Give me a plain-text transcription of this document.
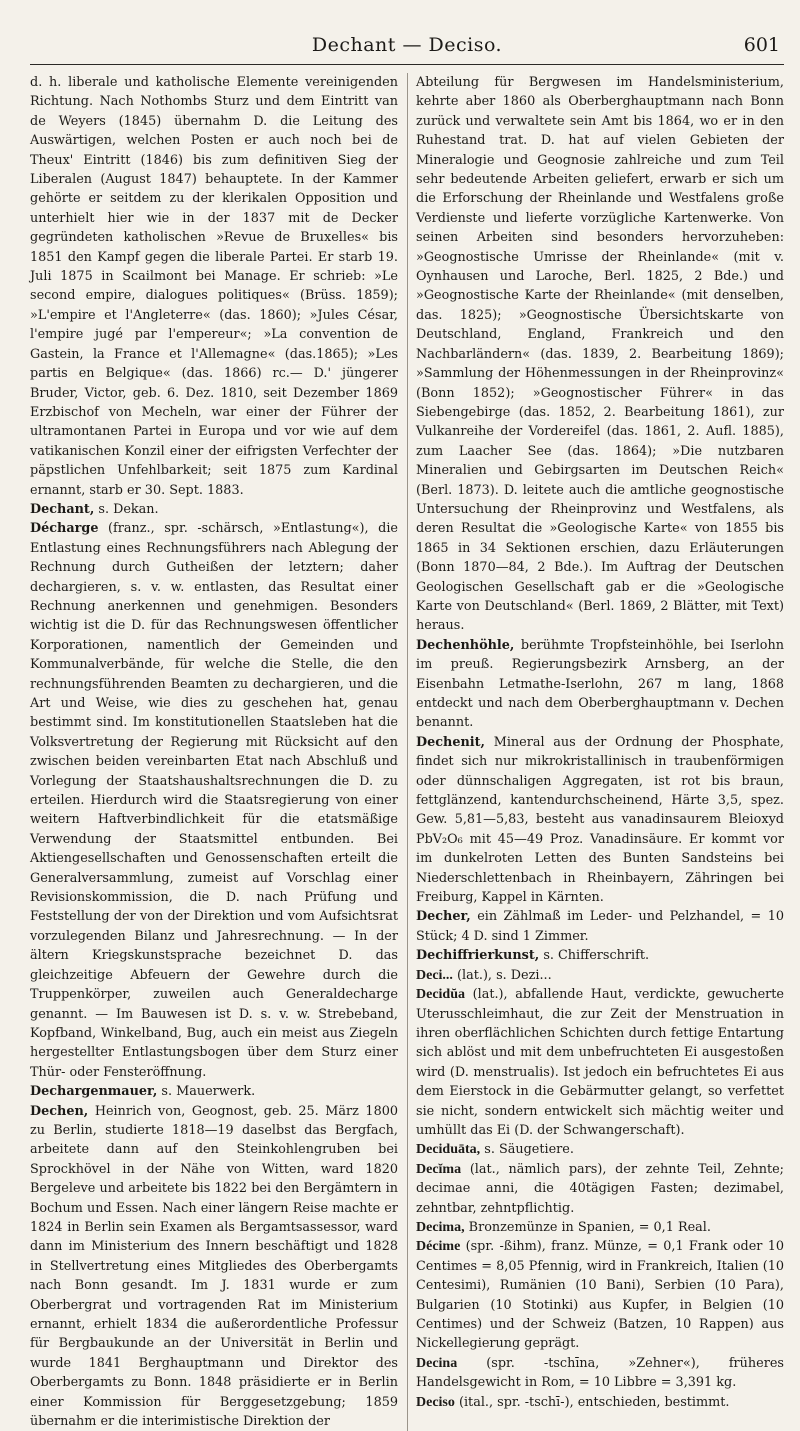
Dechant — Deciso.	601

d. h. liberale und katholische Elemente vereinigenden Richtung. Nach Nothombs Sturz und dem Eintritt van de Weyers (1845) übernahm D. die Leitung des Auswärtigen, welchen Posten er auch noch bei de Theux' Eintritt (1846) bis zum definitiven Sieg der Liberalen (August 1847) behauptete. In der Kammer gehörte er seitdem zu der klerikalen Opposition und unterhielt hier wie in der 1837 mit de Decker gegründeten katholischen »Revue de Bruxelles« bis 1851 den Kampf gegen die liberale Partei. Er starb 19. Juli 1875 in Scailmont bei Manage. Er schrieb: »Le second empire, dialogues politiques« (Brüss. 1859); »L'empire et l'Angleterre« (das. 1860); »Jules César, l'empire jugé par l'empereur«; »La convention de Gastein, la France et l'Allemagne« (das.1865); »Les partis en Belgique« (das. 1866) rc.— D.' jüngerer Bruder, Victor, geb. 6. Dez. 1810, seit Dezember 1869 Erzbischof von Mecheln, war einer der Führer der ultramontanen Partei in Europa und vor wie auf dem vatikanischen Konzil einer der eifrigsten Verfechter der päpstlichen Unfehlbarkeit; seit 1875 zum Kardinal ernannt, starb er 30. Sept. 1883.

Dechant, s. Dekan.

Décharge (franz., spr. -schärsch, »Entlastung«), die Entlastung eines Rechnungsführers nach Ablegung der Rechnung durch Gutheißen der letztern; daher dechargieren, s. v. w. entlasten, das Resultat einer Rechnung anerkennen und genehmigen. Besonders wichtig ist die D. für das Rechnungswesen öffentlicher Korporationen, namentlich der Gemeinden und Kommunalverbände, für welche die Stelle, die den rechnungsführenden Beamten zu dechargieren, und die Art und Weise, wie dies zu geschehen hat, genau bestimmt sind. Im konstitutionellen Staatsleben hat die Volksvertretung der Regierung mit Rücksicht auf den zwischen beiden vereinbarten Etat nach Abschluß und Vorlegung der Staatshaushaltsrechnungen die D. zu erteilen. Hierdurch wird die Staatsregierung von einer weitern Haftverbindlichkeit für die etatsmäßige Verwendung der Staatsmittel entbunden. Bei Aktiengesellschaften und Genossenschaften erteilt die Generalversammlung, zumeist auf Vorschlag einer Revisionskommission, die D. nach Prüfung und Feststellung der von der Direktion und vom Aufsichtsrat vorzulegenden Bilanz und Jahresrechnung. — In der ältern Kriegskunstsprache bezeichnet D. das gleichzeitige Abfeuern der Gewehre durch die Truppenkörper, zuweilen auch Generaldecharge genannt. — Im Bauwesen ist D. s. v. w. Strebeband, Kopfband, Winkelband, Bug, auch ein meist aus Ziegeln hergestellter Entlastungsbogen über dem Sturz einer Thür- oder Fensteröffnung.

Dechargenmauer, s. Mauerwerk.

Dechen, Heinrich von, Geognost, geb. 25. März 1800 zu Berlin, studierte 1818—19 daselbst das Bergfach, arbeitete dann auf den Steinkohlengruben bei Sprockhövel in der Nähe von Witten, ward 1820 Bergeleve und arbeitete bis 1822 bei den Bergämtern in Bochum und Essen. Nach einer längern Reise machte er 1824 in Berlin sein Examen als Bergamtsassessor, ward dann im Ministerium des Innern beschäftigt und 1828 in Stellvertretung eines Mitgliedes des Oberbergamts nach Bonn gesandt. Im J. 1831 wurde er zum Oberbergrat und vortragenden Rat im Ministerium ernannt, erhielt 1834 die außerordentliche Professur für Bergbaukunde an der Universität in Berlin und wurde 1841 Berghauptmann und Direktor des Oberbergamts zu Bonn. 1848 präsidierte er in Berlin einer Kommission für Berggesetzgebung; 1859 übernahm er die interimistische Direktion der

Abteilung für Bergwesen im Handelsministerium, kehrte aber 1860 als Oberberghauptmann nach Bonn zurück und verwaltete sein Amt bis 1864, wo er in den Ruhestand trat. D. hat auf vielen Gebieten der Mineralogie und Geognosie zahlreiche und zum Teil sehr bedeutende Arbeiten geliefert, erwarb er sich um die Erforschung der Rheinlande und Westfalens große Verdienste und lieferte vorzügliche Kartenwerke. Von seinen Arbeiten sind besonders hervorzuheben: »Geognostische Umrisse der Rheinlande« (mit v. Oynhausen und Laroche, Berl. 1825, 2 Bde.) und »Geognostische Karte der Rheinlande« (mit denselben, das. 1825); »Geognostische Übersichtskarte von Deutschland, England, Frankreich und den Nachbarländern« (das. 1839, 2. Bearbeitung 1869); »Sammlung der Höhenmessungen in der Rheinprovinz« (Bonn 1852); »Geognostischer Führer« in das Siebengebirge (das. 1852, 2. Bearbeitung 1861), zur Vulkanreihe der Vordereifel (das. 1861, 2. Aufl. 1885), zum Laacher See (das. 1864); »Die nutzbaren Mineralien und Gebirgsarten im Deutschen Reich« (Berl. 1873). D. leitete auch die amtliche geognostische Untersuchung der Rheinprovinz und Westfalens, als deren Resultat die »Geologische Karte« von 1855 bis 1865 in 34 Sektionen erschien, dazu Erläuterungen (Bonn 1870—84, 2 Bde.). Im Auftrag der Deutschen Geologischen Gesellschaft gab er die »Geologische Karte von Deutschland« (Berl. 1869, 2 Blätter, mit Text) heraus.

Dechenhöhle, berühmte Tropfsteinhöhle, bei Iserlohn im preuß. Regierungsbezirk Arnsberg, an der Eisenbahn Letmathe-Iserlohn, 267 m lang, 1868 entdeckt und nach dem Oberberghauptmann v. Dechen benannt.

Dechenit, Mineral aus der Ordnung der Phosphate, findet sich nur mikrokristallinisch in traubenförmigen oder dünnschaligen Aggregaten, ist rot bis braun, fettglänzend, kantendurchscheinend, Härte 3,5, spez. Gew. 5,81—5,83, besteht aus vanadinsaurem Bleioxyd PbV₂O₆ mit 45—49 Proz. Vanadinsäure. Er kommt vor im dunkelroten Letten des Bunten Sandsteins bei Niederschlettenbach in Rheinbayern, Zähringen bei Freiburg, Kappel in Kärnten.

Decher, ein Zählmaß im Leder- und Pelzhandel, = 10 Stück; 4 D. sind 1 Zimmer.

Dechiffrierkunst, s. Chifferschrift.

Deci... (lat.), s. Dezi...

Decidŭa (lat.), abfallende Haut, verdickte, gewucherte Uterusschleimhaut, die zur Zeit der Menstruation in ihren oberflächlichen Schichten durch fettige Entartung sich ablöst und mit dem unbefruchteten Ei ausgestoßen wird (D. menstrualis). Ist jedoch ein befruchtetes Ei aus dem Eierstock in die Gebärmutter gelangt, so verfettet sie nicht, sondern entwickelt sich mächtig weiter und umhüllt das Ei (D. der Schwangerschaft).

Deciduāta, s. Säugetiere.

Decĭma (lat., nämlich pars), der zehnte Teil, Zehnte; decimae anni, die 40tägigen Fasten; dezimabel, zehntbar, zehntpflichtig.

Decima, Bronzemünze in Spanien, = 0,1 Real.

Décime (spr. -ßihm), franz. Münze, = 0,1 Frank oder 10 Centimes = 8,05 Pfennig, wird in Frankreich, Italien (10 Centesimi), Rumänien (10 Bani), Serbien (10 Para), Bulgarien (10 Stotinki) aus Kupfer, in Belgien (10 Centimes) und der Schweiz (Batzen, 10 Rappen) aus Nickellegierung geprägt.

Decina (spr. -tschīna, »Zehner«), früheres Handelsgewicht in Rom, = 10 Libbre = 3,391 kg.

Deciso (ital., spr. -tschī-), entschieden, bestimmt.
